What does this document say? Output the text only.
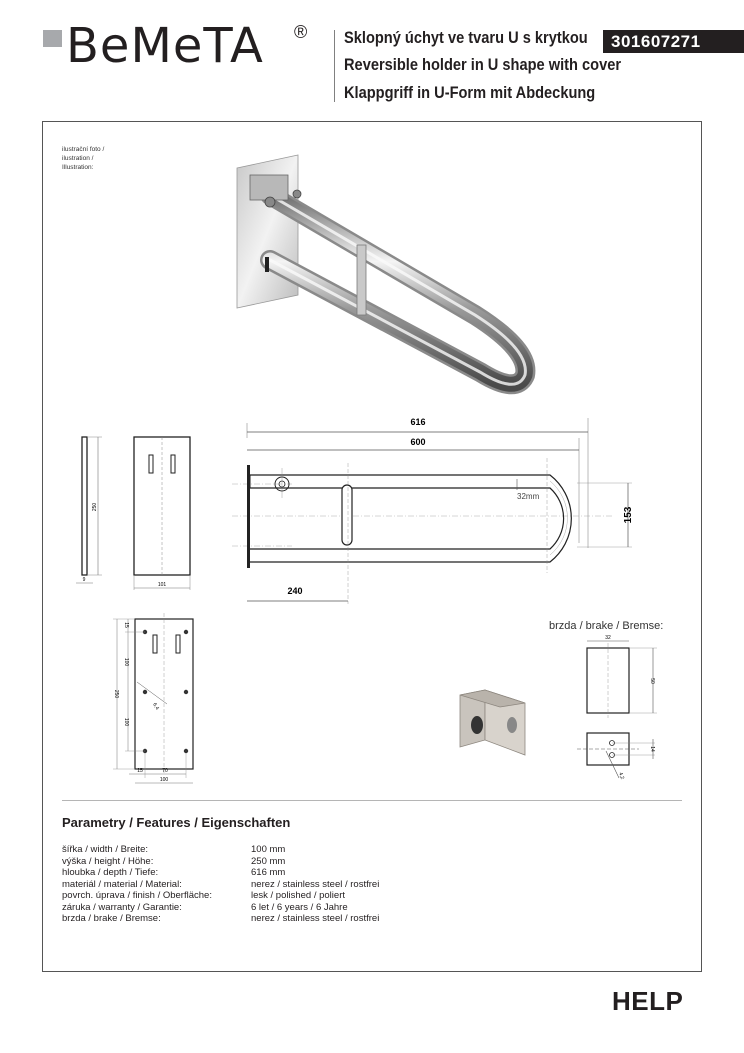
BeMeTA ® Sklopný úchyt ve tvaru U s krytkou
Reversible holder in U shape with cover
Klappgriff in U-Form mit Abdeckung
301607271
ilustrační foto /
ilustration /
Illustration:
250
9
101
616
600
32mm
153
240
6,4
250
15
100
100
15	70
100
brzda / brake / Bremse:
32
50
14
4,2
Parametry / Features / Eigenschaften
šířka / width / Breite:	100 mm
výška / height / Höhe:	250 mm
hloubka / depth / Tiefe:	616 mm
materiál / material / Material:	nerez / stainless steel / rostfrei
povrch. úprava / finish / Oberfläche:	lesk / polished / poliert
záruka / warranty / Garantie:	6 let / 6 years / 6 Jahre
brzda / brake / Bremse:	nerez / stainless steel / rostfrei
HELP
